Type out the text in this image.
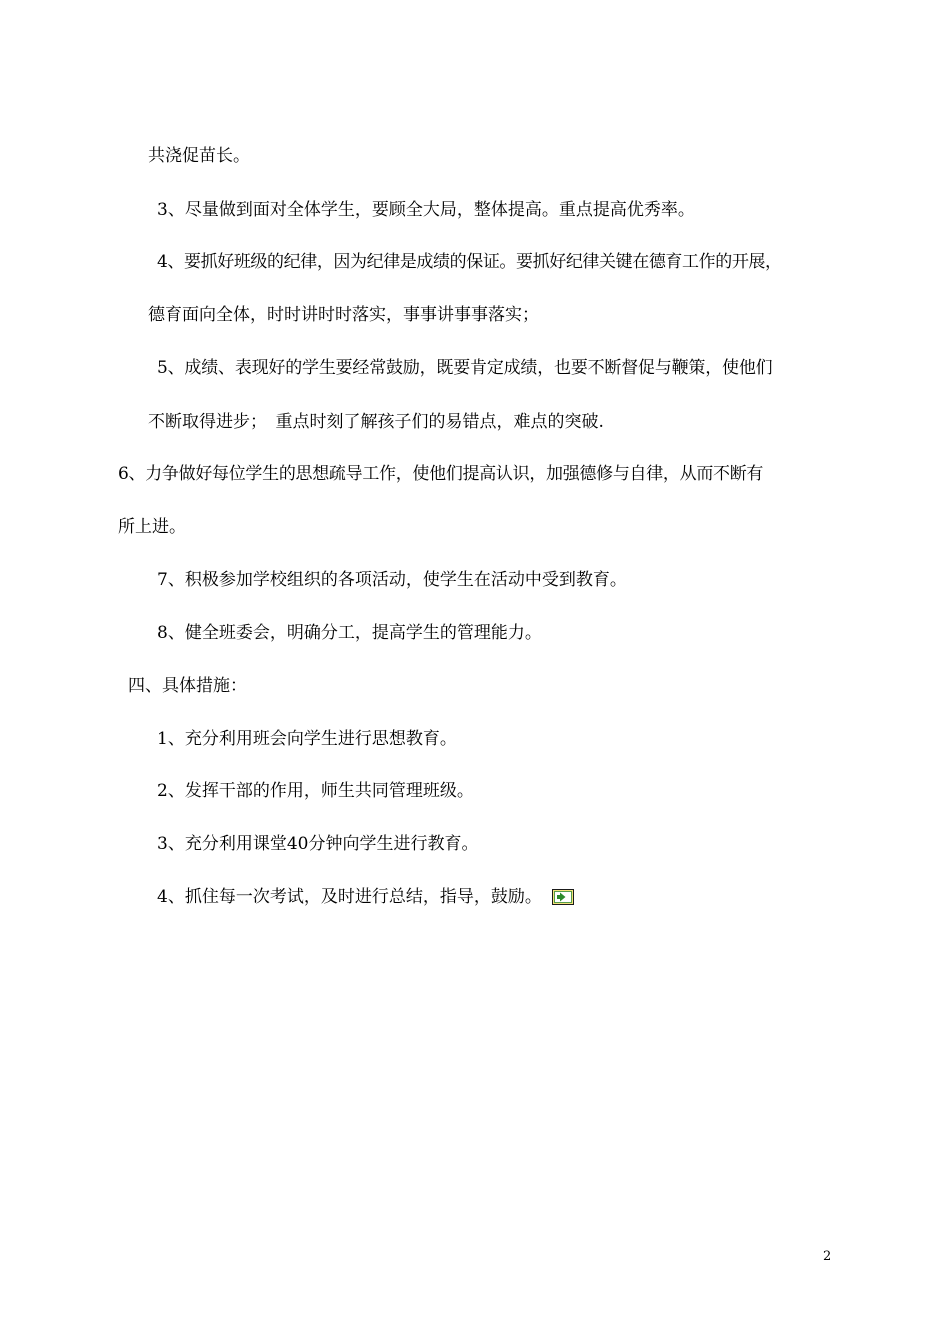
共浇促苗长。

3、尽量做到面对全体学生，要顾全大局，整体提高。重点提高优秀率。

4、要抓好班级的纪律，因为纪律是成绩的保证。要抓好纪律关键在德育工作的开展，

德育面向全体，时时讲时时落实，事事讲事事落实；

5、成绩、表现好的学生要经常鼓励，既要肯定成绩，也要不断督促与鞭策，使他们

不断取得进步；　重点时刻了解孩子们的易错点，难点的突破.

6、力争做好每位学生的思想疏导工作，使他们提高认识，加强德修与自律，从而不断有

所上进。

7、积极参加学校组织的各项活动，使学生在活动中受到教育。

8、健全班委会，明确分工，提高学生的管理能力。

四、具体措施：

1、充分利用班会向学生进行思想教育。

2、发挥干部的作用，师生共同管理班级。

3、充分利用课堂40分钟向学生进行教育。

4、抓住每一次考试，及时进行总结，指导，鼓励。

2
